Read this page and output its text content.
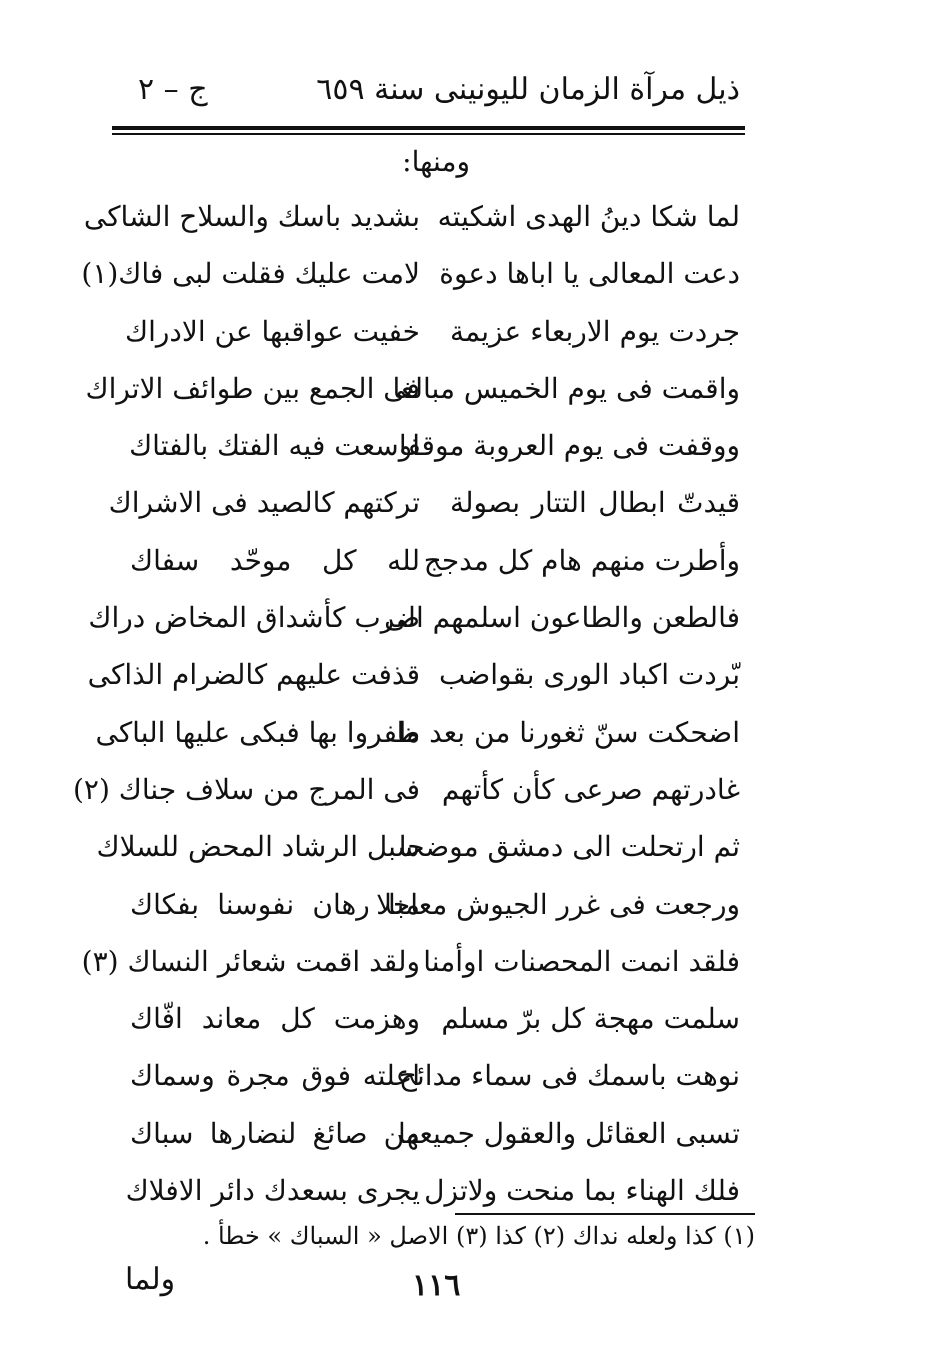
ذيل مرآة الزمان لليونينى سنة ٦٥٩
ج – ٢
ومنها:
لما شكا دينُ الهدى اشكيته
بشديد باسك والسلاح الشاكى
دعت المعالى يا اباها دعوة
لامت عليك فقلت لبى فاك(١)
جردت يوم الاربعاء عزيمة
خفيت عواقبها عن الادراك
واقمت فى يوم الخميس مبالغا
فى الجمع بين طوائف الاتراك
ووقفت فى يوم العروبة موقفا
اوسعت فيه الفتك بالفتاك
قيدتّ ابطال التتار بصولة
تركتهم كالصيد فى الاشراك
وأطرت منهم هام كل مدجج
لله كل موحّد سفاك
فالطعن والطاعون اسلمهم الى
ضرب كأشداق المخاض دراك
بّردت اكباد الورى بقواضب
قذفت عليهم كالضرام الذاكى
اضحكت سنّ ثغورنا من بعد ما
ظفروا بها فبكى عليها الباكى
غادرتهم صرعى كأن كأتهم
فى المرج من سلاف جناك (٢)
ثم ارتحلت الى دمشق موضحا
سبل الرشاد المحض للسلاك
ورجعت فى غرر الجيوش معاجلا
منا رهان نفوسنا بفكاك
فلقد انمت المحصنات اوأمنا
ولقد اقمت شعائر النساك (٣)
سلمت مهجة كل برّ مسلم
وهزمت كل معاند افّاك
نوهت باسمك فى سماء مدائح
اعلته فوق مجرة وسماك
تسبى العقائل والعقول جميعها
من صائغ لنضارها سباك
فلك الهناء بما منحت ولاتزل
يجرى بسعدك دائر الافلاك
(١) كذا ولعله نداك (٢) كذا (٣) الاصل « السباك » خطأ .
١١٦
ولما
